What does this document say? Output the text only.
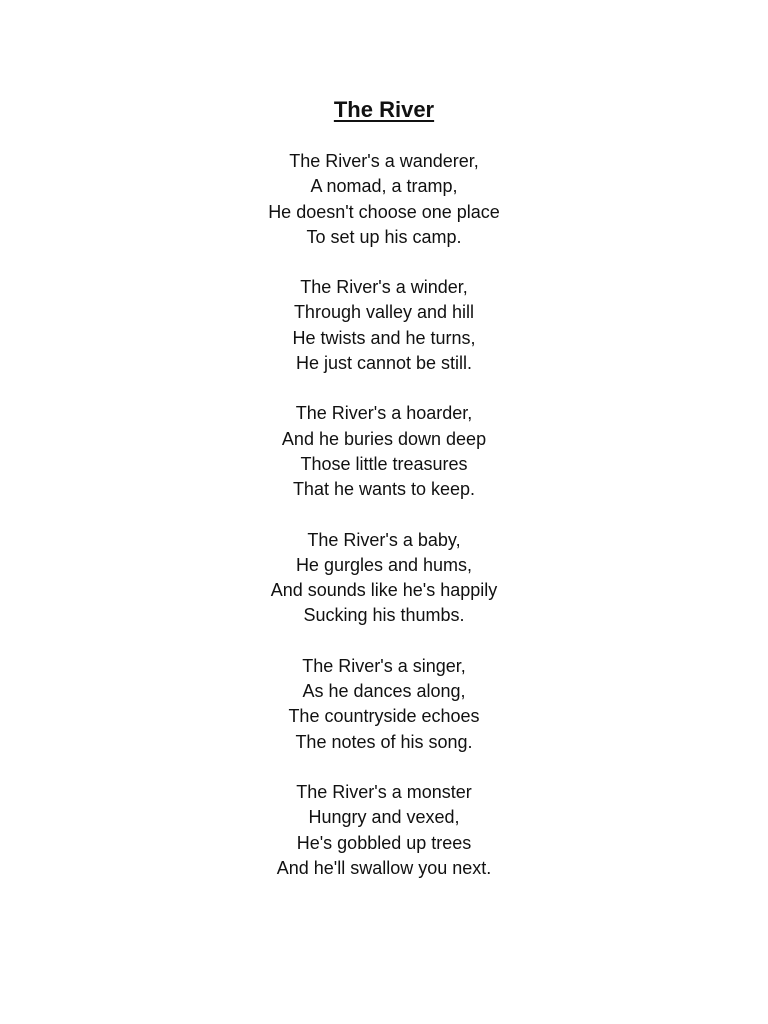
The River
The River's a wanderer,
A nomad, a tramp,
He doesn't choose one place
To set up his camp.
The River's a winder,
Through valley and hill
He twists and he turns,
He just cannot be still.
The River's a hoarder,
And he buries down deep
Those little treasures
That he wants to keep.
The River's a baby,
He gurgles and hums,
And sounds like he's happily
Sucking his thumbs.
The River's a singer,
As he dances along,
The countryside echoes
The notes of his song.
The River's a monster
Hungry and vexed,
He's gobbled up trees
And he'll swallow you next.
